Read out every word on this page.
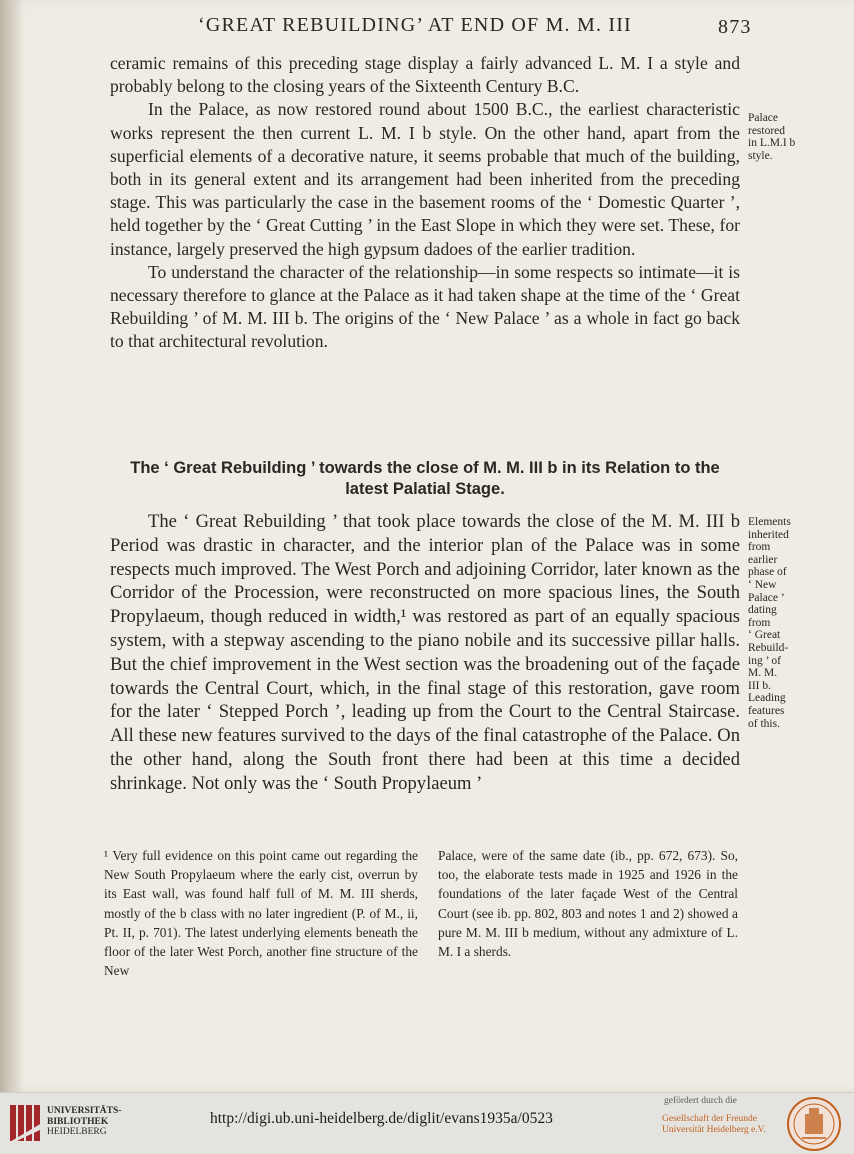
‘GREAT REBUILDING’ AT END OF M. M. III	873

ceramic remains of this preceding stage display a fairly advanced L. M. I a style and probably belong to the closing years of the Sixteenth Century B.C.

In the Palace, as now restored round about 1500 B.C., the earliest characteristic works represent the then current L. M. I b style. On the other hand, apart from the superficial elements of a decorative nature, it seems probable that much of the building, both in its general extent and its arrangement had been inherited from the preceding stage. This was particularly the case in the basement rooms of the ‘ Domestic Quarter ’, held together by the ‘ Great Cutting ’ in the East Slope in which they were set. These, for instance, largely preserved the high gypsum dadoes of the earlier tradition.

To understand the character of the relationship—in some respects so intimate—it is necessary therefore to glance at the Palace as it had taken shape at the time of the ‘ Great Rebuilding ’ of M. M. III b. The origins of the ‘ New Palace ’ as a whole in fact go back to that architectural revolution.

The ‘ Great Rebuilding ’ towards the close of M. M. III b in its Relation to the latest Palatial Stage.

The ‘ Great Rebuilding ’ that took place towards the close of the M. M. III b Period was drastic in character, and the interior plan of the Palace was in some respects much improved. The West Porch and adjoining Corridor, later known as the Corridor of the Procession, were reconstructed on more spacious lines, the South Propylaeum, though reduced in width,¹ was restored as part of an equally spacious system, with a stepway ascending to the piano nobile and its successive pillar halls. But the chief improvement in the West section was the broadening out of the façade towards the Central Court, which, in the final stage of this restoration, gave room for the later ‘ Stepped Porch ’, leading up from the Court to the Central Staircase. All these new features survived to the days of the final catastrophe of the Palace. On the other hand, along the South front there had been at this time a decided shrinkage. Not only was the ‘ South Propylaeum ’

Palace
restored
in L.M.I b
style.
Elements
inherited
from
earlier
phase of
‘ New
Palace ’
dating
from
‘ Great
Rebuild-
ing ’ of
M. M.
III b.
Leading
features
of this.

¹ Very full evidence on this point came out regarding the New South Propylaeum where the early cist, overrun by its East wall, was found half full of M. M. III sherds, mostly of the b class with no later ingredient (P. of M., ii, Pt. II, p. 701). The latest underlying elements beneath the floor of the later West Porch, another fine structure of the New

Palace, were of the same date (ib., pp. 672, 673). So, too, the elaborate tests made in 1925 and 1926 in the foundations of the later façade West of the Central Court (see ib. pp. 802, 803 and notes 1 and 2) showed a pure M. M. III b medium, without any admixture of L. M. I a sherds.

UNIVERSITÄTS-
BIBLIOTHEK
HEIDELBERG
http://digi.ub.uni-heidelberg.de/diglit/evans1935a/0523
gefördert durch die
Gesellschaft der Freunde
Universität Heidelberg e.V.
